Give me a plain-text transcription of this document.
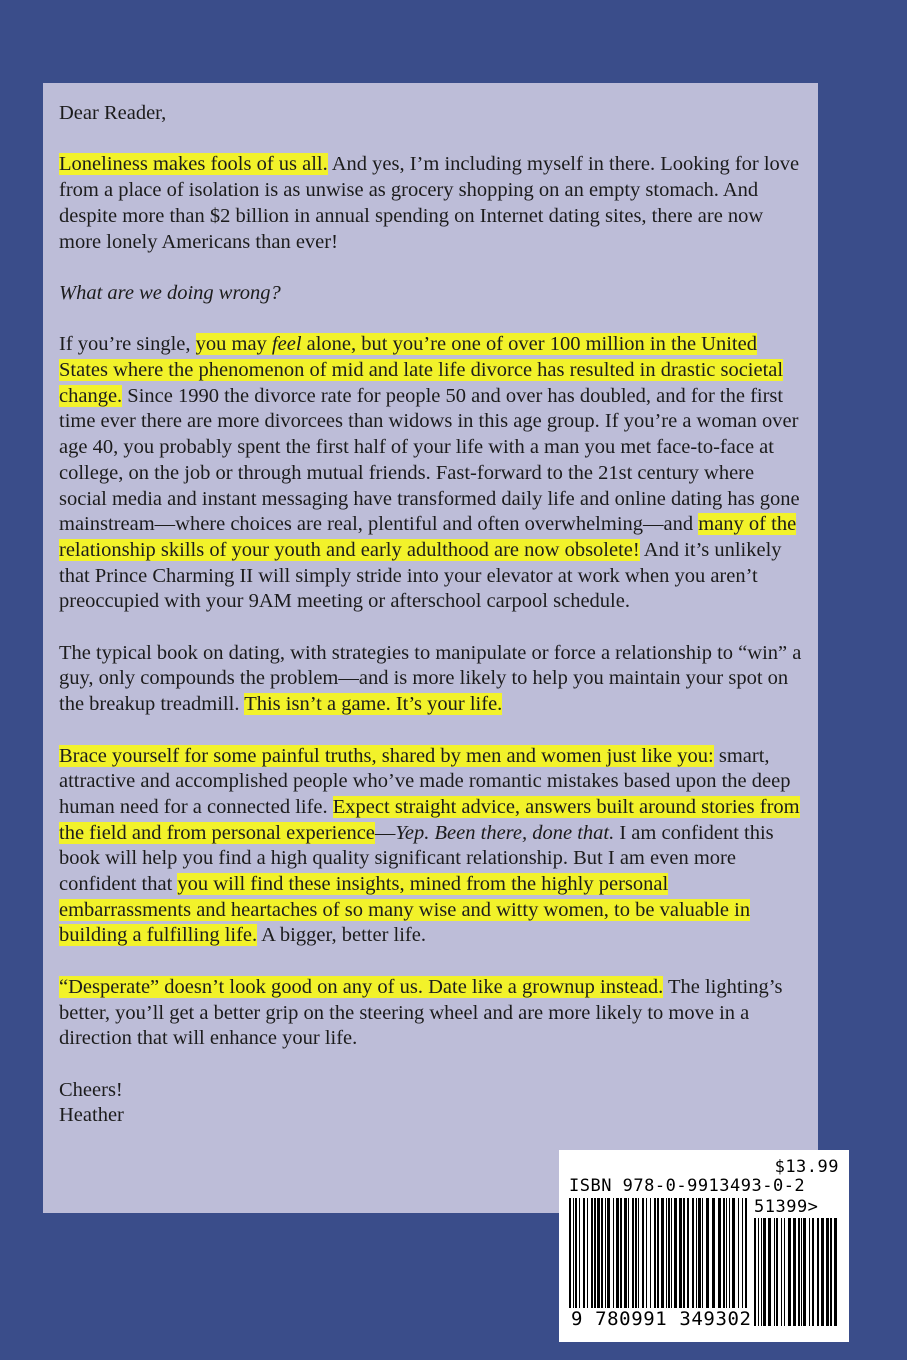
Dear Reader,

Loneliness makes fools of us all. And yes, I’m including myself in there. Looking for love from a place of isolation is as unwise as grocery shopping on an empty stomach. And despite more than $2 billion in annual spending on Internet dating sites, there are now more lonely Americans than ever!

What are we doing wrong?

If you’re single, you may feel alone, but you’re one of over 100 million in the United States where the phenomenon of mid and late life divorce has resulted in drastic societal change. Since 1990 the divorce rate for people 50 and over has doubled, and for the first time ever there are more divorcees than widows in this age group. If you’re a woman over age 40, you probably spent the first half of your life with a man you met face-to-face at college, on the job or through mutual friends. Fast-forward to the 21st century where social media and instant messaging have transformed daily life and online dating has gone mainstream—where choices are real, plentiful and often overwhelming—and many of the relationship skills of your youth and early adulthood are now obsolete! And it’s unlikely that Prince Charming II will simply stride into your elevator at work when you aren’t preoccupied with your 9AM meeting or afterschool carpool schedule.

The typical book on dating, with strategies to manipulate or force a relationship to “win” a guy, only compounds the problem—and is more likely to help you maintain your spot on the breakup treadmill. This isn’t a game. It’s your life.

Brace yourself for some painful truths, shared by men and women just like you: smart, attractive and accomplished people who’ve made romantic mistakes based upon the deep human need for a connected life. Expect straight advice, answers built around stories from the field and from personal experience—Yep. Been there, done that. I am confident this book will help you find a high quality significant relationship. But I am even more confident that you will find these insights, mined from the highly personal embarrassments and heartaches of so many wise and witty women, to be valuable in building a fulfilling life. A bigger, better life.

“Desperate” doesn’t look good on any of us. Date like a grownup instead. The lighting’s better, you’ll get a better grip on the steering wheel and are more likely to move in a direction that will enhance your life.

Cheers!

Heather

$13.99
ISBN 978-0-9913493-0-2
51399>
9 780991 349302
